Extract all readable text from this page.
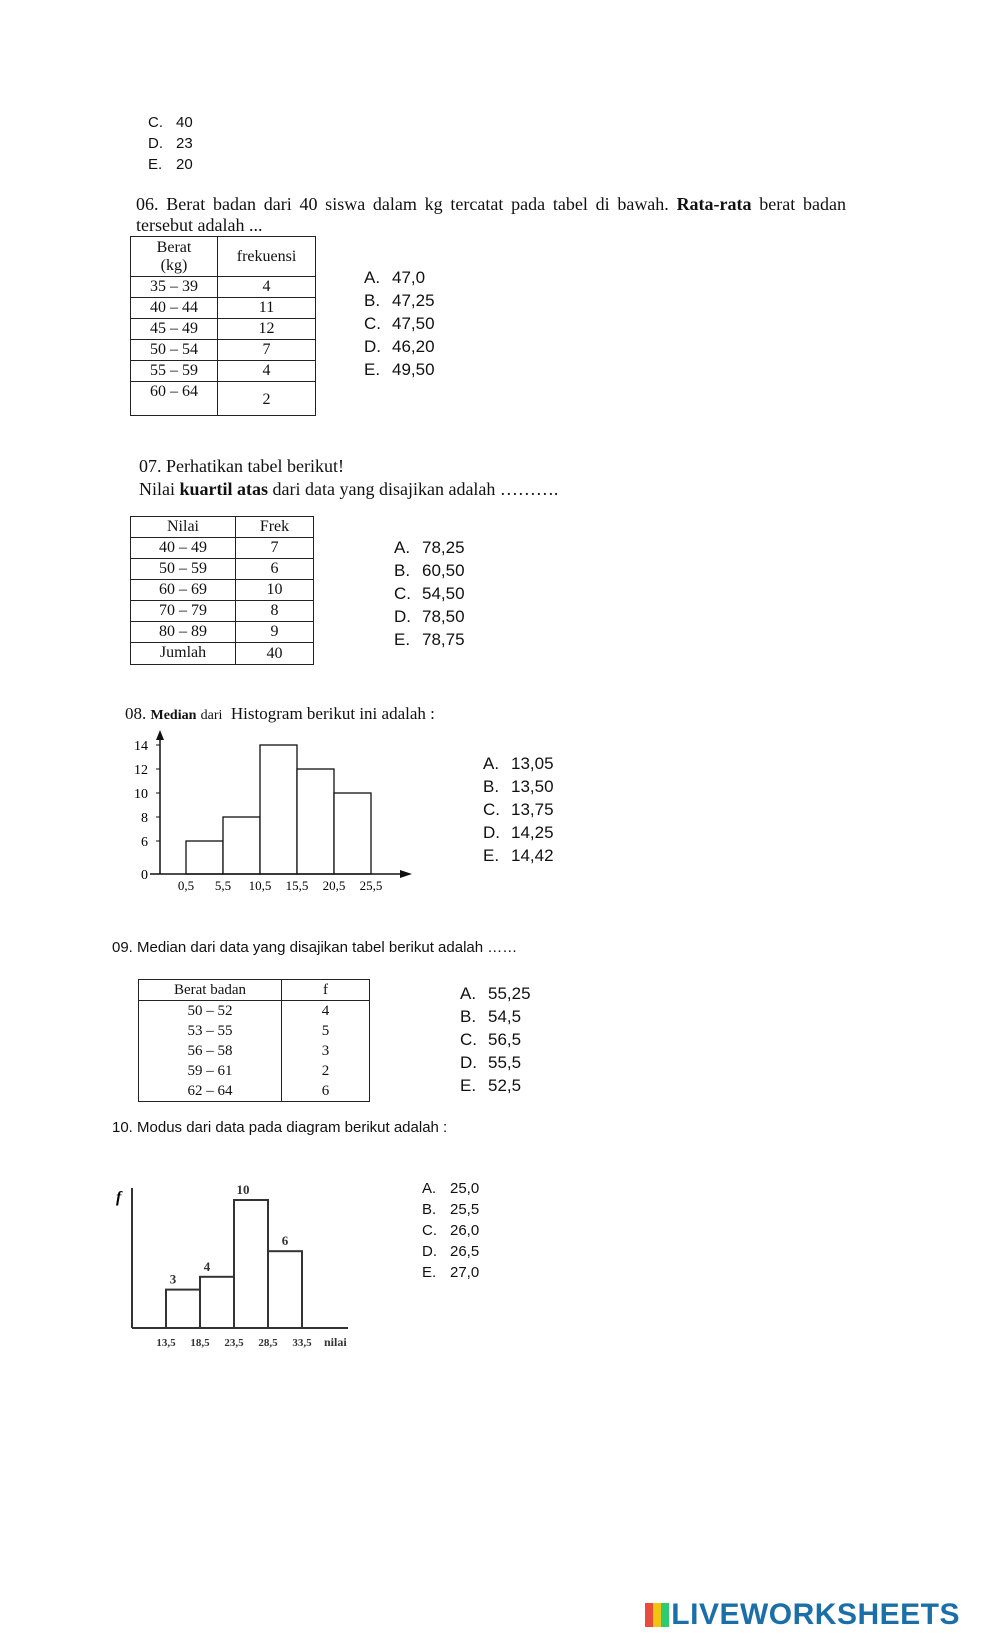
C. 40
D. 23
E. 20
06. Berat badan dari 40 siswa dalam kg tercatat pada tabel di bawah. Rata-rata berat badan
tersebut adalah ...
Berat
(kg)	frekuensi
35 – 39	4
40 – 44	11
45 – 49	12
50 – 54	7
55 – 59	4
60 – 64	2
A. 47,0
B. 47,25
C. 47,50
D. 46,20
E. 49,50
07. Perhatikan tabel berikut!
Nilai kuartil atas dari data yang disajikan adalah ……….
Nilai	Frek
40 – 49	7
50 – 59	6
60 – 69	10
70 – 79	8
80 – 89	9
Jumlah	40
A. 78,25
B. 60,50
C. 54,50
D. 78,50
E. 78,75
08. Median dari Histogram berikut ini adalah :
0
6
8
10
12
14
0,5 5,5 10,5 15,5 20,5 25,5
A. 13,05
B. 13,50
C. 13,75
D. 14,25
E. 14,42
09. Median dari data yang disajikan tabel berikut adalah ……
Berat badan	f
50 – 52	4
53 – 55	5
56 – 58	3
59 – 61	2
62 – 64	6
A. 55,25
B. 54,5
C. 56,5
D. 55,5
E. 52,5
10. Modus dari data pada diagram berikut adalah :
f
3
4
10
6
13,5 18,5 23,5 28,5 33,5 nilai
A. 25,0
B. 25,5
C. 26,0
D. 26,5
E. 27,0
LIVEWORKSHEETS
